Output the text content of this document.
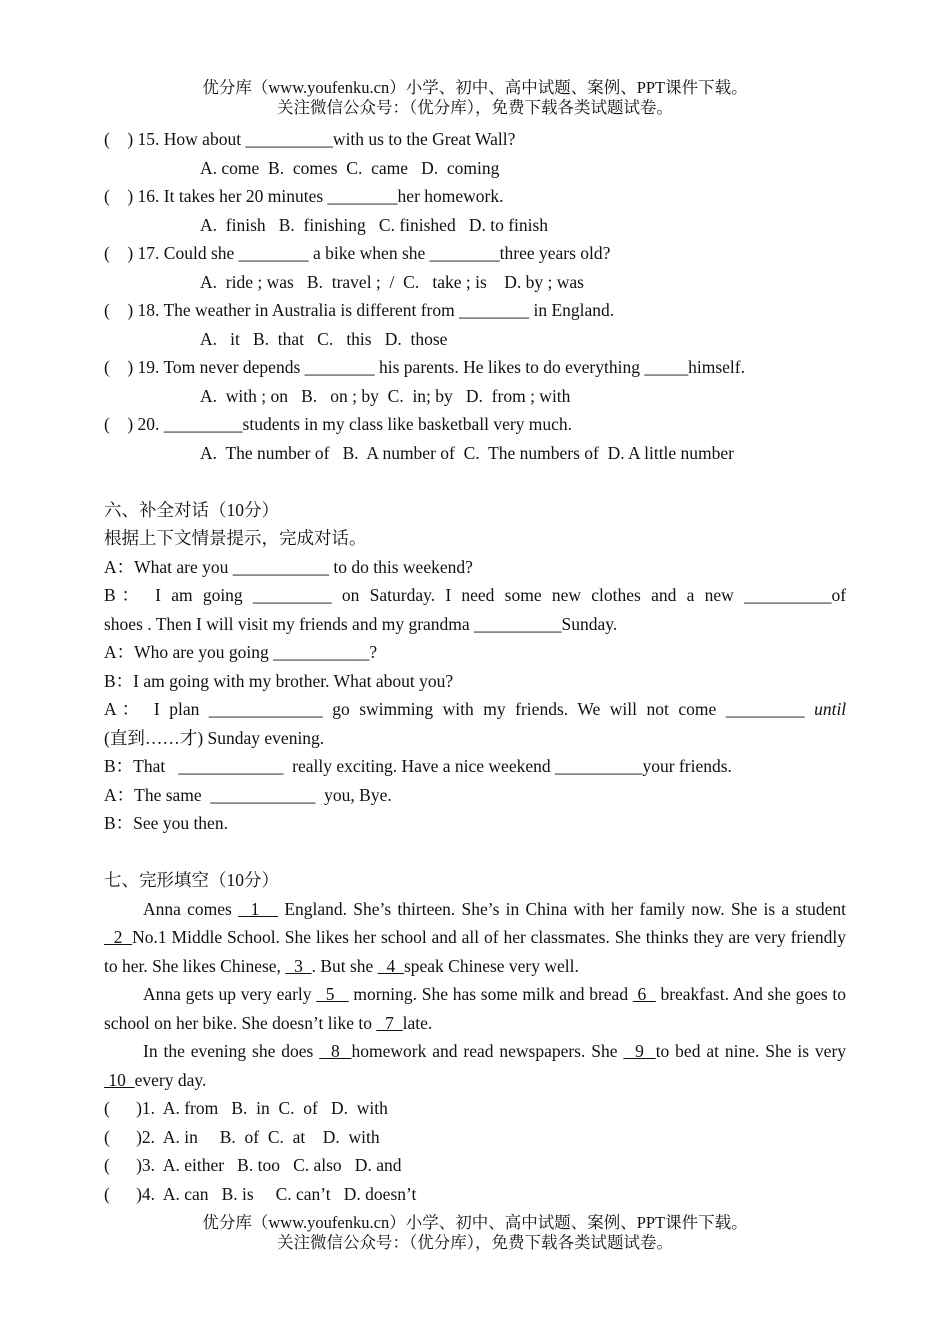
优分库（www.youfenku.cn）小学、初中、高中试题、案例、PPT课件下载。
关注微信公众号：（优分库），免费下载各类试题试卷。
(    ) 15. How about __________with us to the Great Wall?
A. come  B.  comes  C.  came   D.  coming
(    ) 16. It takes her 20 minutes ________her homework.
A.  finish   B.  finishing   C. finished   D. to finish
(    ) 17. Could she ________ a bike when she ________three years old?
A.  ride ; was   B.  travel ;  /  C.   take ; is    D. by ; was
(    ) 18. The weather in Australia is different from ________ in England.
A.   it   B.  that   C.   this   D.  those
(    ) 19. Tom never depends ________ his parents. He likes to do everything _____himself.
A.  with ; on   B.   on ; by  C.  in; by   D.  from ; with
(    ) 20. _________students in my class like basketball very much.
A.  The number of   B.  A number of  C.  The numbers of  D. A little number
六、补全对话（10分）
根据上下文情景提示，完成对话。
A：What are you ___________ to do this weekend?
B： I am going _________ on Saturday. I need some new clothes and a new __________of
shoes . Then I will visit my friends and my grandma __________Sunday.
A：Who are you going ___________?
B：I am going with my brother. What about you?
A： I plan _____________ go swimming with my friends. We will not come _________ until
(直到……才) Sunday evening.
B：That   ____________  really exciting. Have a nice weekend __________your friends.
A：The same  ____________  you, Bye.
B：See you then.
七、完形填空（10分）
Anna comes   1    England. She’s thirteen. She’s in China with her family now. She is a student   2  No.1 Middle School. She likes her school and all of her classmates. She thinks they are very friendly to her. She likes Chinese,   3  . But she   4  speak Chinese very well.
Anna gets up very early   5    morning. She has some milk and bread  6   breakfast. And she goes to school on her bike. She doesn’t like to   7  late.
In the evening she does   8  homework and read newspapers. She   9  to bed at nine. She is very  10  every day.
(      )1.  A. from   B.  in  C.  of   D.  with
(      )2.  A. in     B.  of  C.  at    D.  with
(      )3.  A. either   B. too   C. also   D. and
(      )4.  A. can   B. is     C. can’t   D. doesn’t
优分库（www.youfenku.cn）小学、初中、高中试题、案例、PPT课件下载。
关注微信公众号：（优分库），免费下载各类试题试卷。
